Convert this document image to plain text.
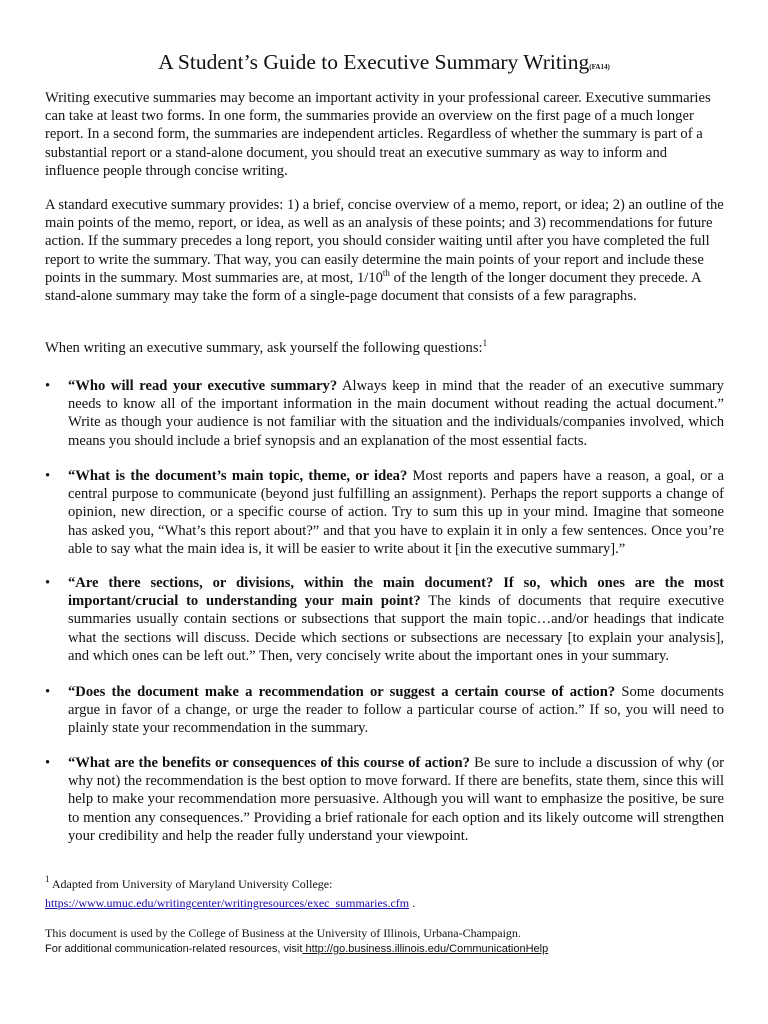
A Student’s Guide to Executive Summary Writing(FA14)

Writing executive summaries may become an important activity in your professional career. Executive summaries can take at least two forms. In one form, the summaries provide an overview on the first page of a much longer report. In a second form, the summaries are independent articles. Regardless of whether the summary is part of a substantial report or a stand-alone document, you should treat an executive summary as way to inform and influence people through concise writing.

A standard executive summary provides: 1) a brief, concise overview of a memo, report, or idea; 2) an outline of the main points of the memo, report, or idea, as well as an analysis of these points; and 3) recommendations for future action. If the summary precedes a long report, you should consider waiting until after you have completed the full report to write the summary. That way, you can easily determine the main points of your report and include these points in the summary. Most summaries are, at most, 1/10th of the length of the longer document they precede. A stand-alone summary may take the form of a single-page document that consists of a few paragraphs.

When writing an executive summary, ask yourself the following questions:$^1$

•	“Who will read your executive summary? Always keep in mind that the reader of an executive summary needs to know all of the important information in the main document without reading the actual document.” Write as though your audience is not familiar with the situation and the individuals/companies involved, which means you should include a brief synopsis and an explanation of the most essential facts.
•	“What is the document’s main topic, theme, or idea? Most reports and papers have a reason, a goal, or a central purpose to communicate (beyond just fulfilling an assignment). Perhaps the report supports a change of opinion, new direction, or a specific course of action. Try to sum this up in your mind. Imagine that someone has asked you, “What’s this report about?” and that you have to explain it in only a few sentences. Once you’re able to say what the main idea is, it will be easier to write about it [in the executive summary].”
•	“Are there sections, or divisions, within the main document? If so, which ones are the most important/crucial to understanding your main point? The kinds of documents that require executive summaries usually contain sections or subsections that support the main topic…and/or headings that indicate what the sections will discuss. Decide which sections or subsections are necessary [to explain your analysis], and which ones can be left out.” Then, very concisely write about the important ones in your summary.
•	“Does the document make a recommendation or suggest a certain course of action? Some documents argue in favor of a change, or urge the reader to follow a particular course of action.” If so, you will need to plainly state your recommendation in the summary.
•	“What are the benefits or consequences of this course of action? Be sure to include a discussion of why (or why not) the recommendation is the best option to move forward. If there are benefits, state them, since this will help to make your recommendation more persuasive. Although you will want to emphasize the positive, be sure to mention any consequences.” Providing a brief rationale for each option and its likely outcome will strengthen your credibility and help the reader fully understand your viewpoint.
$^1$ Adapted from University of Maryland University College:
https://www.umuc.edu/writingcenter/writingresources/exec_summaries.cfm .
This document is used by the College of Business at the University of Illinois, Urbana-Champaign.
For additional communication-related resources, visit http://go.business.illinois.edu/CommunicationHelp
